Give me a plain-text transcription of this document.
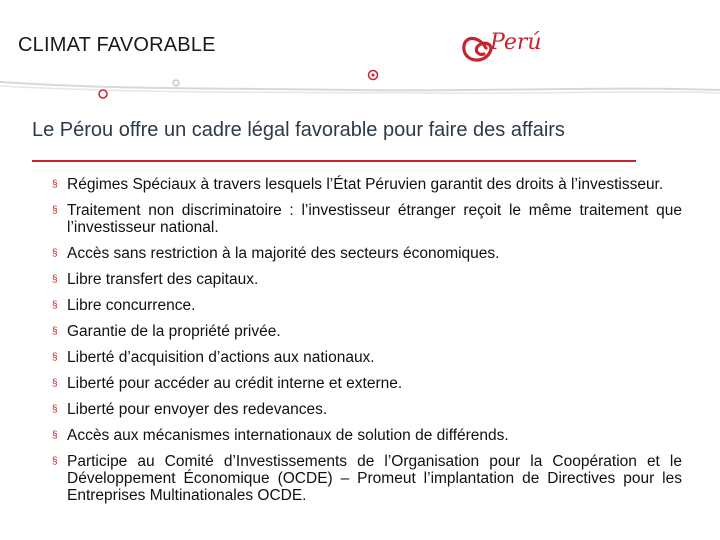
CLIMAT FAVORABLE	Perú
Le Pérou offre un cadre légal favorable pour faire des affairs
§ Régimes Spéciaux à travers lesquels l’État Péruvien garantit des droits à l’investisseur.
§ Traitement non discriminatoire : l’investisseur étranger reçoit le même traitement que l’investisseur national.
§ Accès sans restriction à la majorité des secteurs économiques.
§ Libre transfert des capitaux.
§ Libre concurrence.
§ Garantie de la propriété privée.
§ Liberté d’acquisition d’actions aux nationaux.
§ Liberté pour accéder au crédit interne et externe.
§ Liberté pour envoyer des redevances.
§ Accès aux mécanismes internationaux de solution de différends.
§ Participe au Comité d’Investissements de l’Organisation pour la Coopération et le Développement Économique (OCDE) – Promeut l’implantation de Directives pour les Entreprises Multinationales OCDE.
